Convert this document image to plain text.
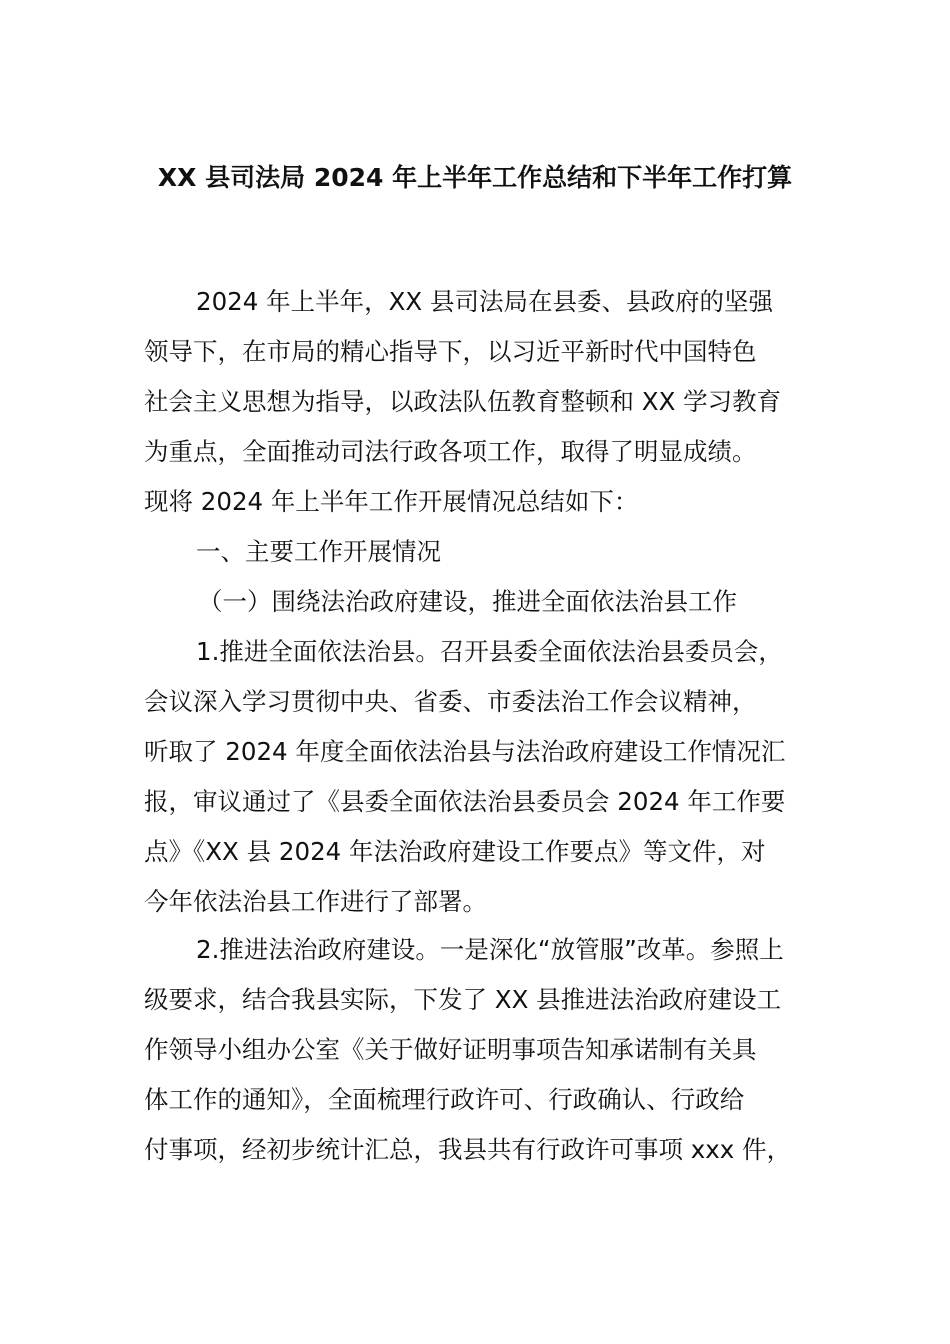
XX 县司法局 2024 年上半年工作总结和下半年工作打算

2024 年上半年，XX 县司法局在县委、县政府的坚强

领导下，在市局的精心指导下，以习近平新时代中国特色

社会主义思想为指导，以政法队伍教育整顿和 XX 学习教育

为重点，全面推动司法行政各项工作，取得了明显成绩。

现将 2024 年上半年工作开展情况总结如下：

一、主要工作开展情况

（一）围绕法治政府建设，推进全面依法治县工作

1.推进全面依法治县。召开县委全面依法治县委员会，

会议深入学习贯彻中央、省委、市委法治工作会议精神，

听取了 2024 年度全面依法治县与法治政府建设工作情况汇

报，审议通过了《县委全面依法治县委员会 2024 年工作要

点》《XX 县 2024 年法治政府建设工作要点》等文件，对

今年依法治县工作进行了部署。

2.推进法治政府建设。一是深化“放管服”改革。参照上

级要求，结合我县实际，下发了 XX 县推进法治政府建设工

作领导小组办公室《关于做好证明事项告知承诺制有关具

体工作的通知》，全面梳理行政许可、行政确认、行政给

付事项，经初步统计汇总，我县共有行政许可事项 xxx 件，
